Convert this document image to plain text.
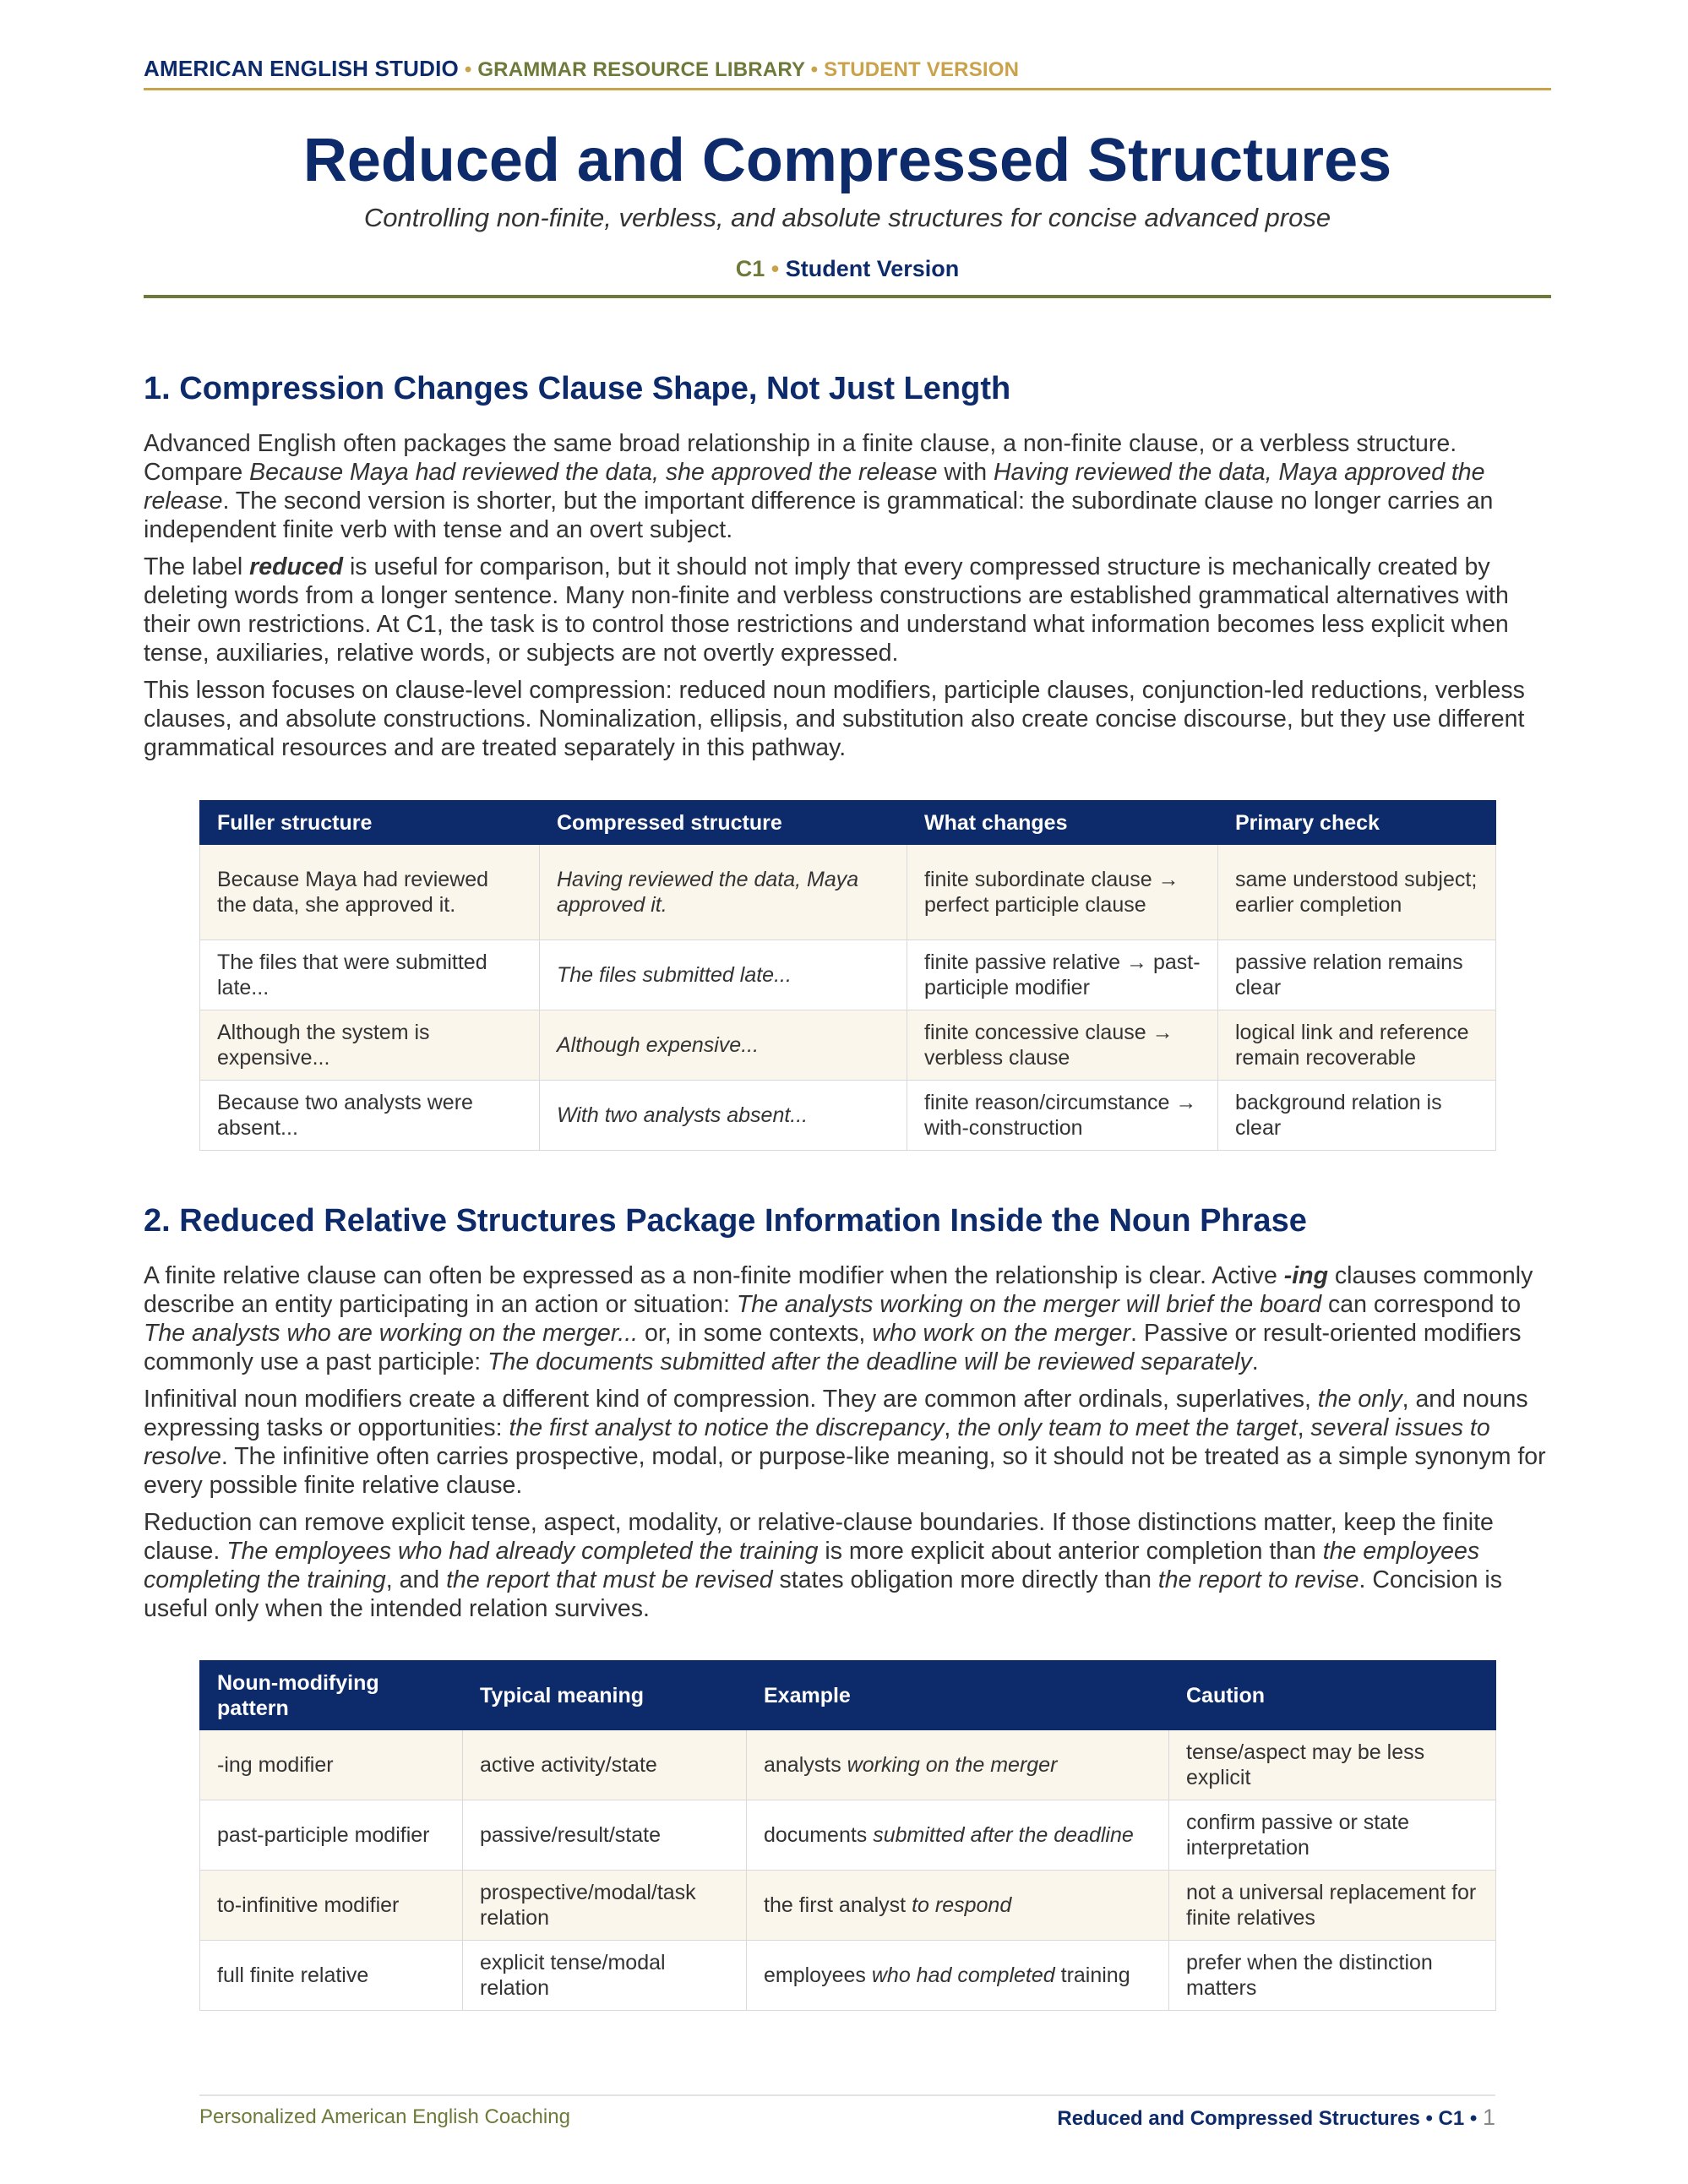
AMERICAN ENGLISH STUDIO • GRAMMAR RESOURCE LIBRARY • STUDENT VERSION
Reduced and Compressed Structures
Controlling non-finite, verbless, and absolute structures for concise advanced prose
C1 • Student Version
1. Compression Changes Clause Shape, Not Just Length

Advanced English often packages the same broad relationship in a finite clause, a non-finite clause, or a verbless structure. Compare Because Maya had reviewed the data, she approved the release with Having reviewed the data, Maya approved the release. The second version is shorter, but the important difference is grammatical: the subordinate clause no longer carries an independent finite verb with tense and an overt subject.

The label reduced is useful for comparison, but it should not imply that every compressed structure is mechanically created by deleting words from a longer sentence. Many non-finite and verbless constructions are established grammatical alternatives with their own restrictions. At C1, the task is to control those restrictions and understand what information becomes less explicit when tense, auxiliaries, relative words, or subjects are not overtly expressed.

This lesson focuses on clause-level compression: reduced noun modifiers, participle clauses, conjunction-led reductions, verbless clauses, and absolute constructions. Nominalization, ellipsis, and substitution also create concise discourse, but they use different grammatical resources and are treated separately in this pathway.

Fuller structure	Compressed structure	What changes	Primary check
Because Maya had reviewed the data, she approved it.	Having reviewed the data, Maya approved it.	finite subordinate clause → perfect participle clause	same understood subject; earlier completion
The files that were submitted late...	The files submitted late...	finite passive relative → past-participle modifier	passive relation remains clear
Although the system is expensive...	Although expensive...	finite concessive clause → verbless clause	logical link and reference remain recoverable
Because two analysts were absent...	With two analysts absent...	finite reason/circumstance → with-construction	background relation is clear
2. Reduced Relative Structures Package Information Inside the Noun Phrase

A finite relative clause can often be expressed as a non-finite modifier when the relationship is clear. Active -ing clauses commonly describe an entity participating in an action or situation: The analysts working on the merger will brief the board can correspond to The analysts who are working on the merger... or, in some contexts, who work on the merger. Passive or result-oriented modifiers commonly use a past participle: The documents submitted after the deadline will be reviewed separately.

Infinitival noun modifiers create a different kind of compression. They are common after ordinals, superlatives, the only, and nouns expressing tasks or opportunities: the first analyst to notice the discrepancy, the only team to meet the target, several issues to resolve. The infinitive often carries prospective, modal, or purpose-like meaning, so it should not be treated as a simple synonym for every possible finite relative clause.

Reduction can remove explicit tense, aspect, modality, or relative-clause boundaries. If those distinctions matter, keep the finite clause. The employees who had already completed the training is more explicit about anterior completion than the employees completing the training, and the report that must be revised states obligation more directly than the report to revise. Concision is useful only when the intended relation survives.

Noun-modifying pattern	Typical meaning	Example	Caution
-ing modifier	active activity/state	analysts working on the merger	tense/aspect may be less explicit
past-participle modifier	passive/result/state	documents submitted after the deadline	confirm passive or state interpretation
to-infinitive modifier	prospective/modal/task relation	the first analyst to respond	not a universal replacement for finite relatives
full finite relative	explicit tense/modal relation	employees who had completed training	prefer when the distinction matters
Personalized American English Coaching	Reduced and Compressed Structures • C1 • 1
